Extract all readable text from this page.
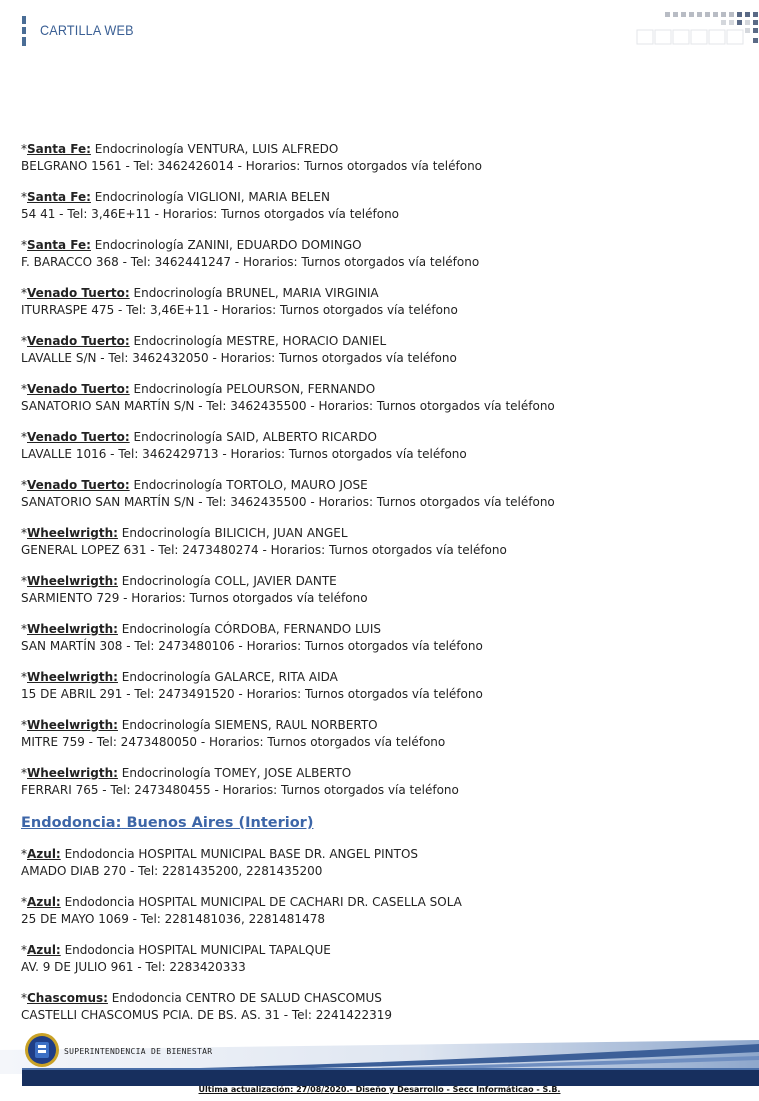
CARTILLA WEB

*Santa Fe: Endocrinología VENTURA, LUIS ALFREDO

BELGRANO 1561 - Tel: 3462426014 - Horarios: Turnos otorgados vía teléfono

*Santa Fe: Endocrinología VIGLIONI, MARIA BELEN

54 41 - Tel: 3,46E+11 - Horarios: Turnos otorgados vía teléfono

*Santa Fe: Endocrinología ZANINI, EDUARDO DOMINGO

F. BARACCO 368 - Tel: 3462441247 - Horarios: Turnos otorgados vía teléfono

*Venado Tuerto: Endocrinología BRUNEL, MARIA VIRGINIA

ITURRASPE 475 - Tel: 3,46E+11 - Horarios: Turnos otorgados vía teléfono

*Venado Tuerto: Endocrinología MESTRE, HORACIO DANIEL

LAVALLE S/N - Tel: 3462432050 - Horarios: Turnos otorgados vía teléfono

*Venado Tuerto: Endocrinología PELOURSON, FERNANDO

SANATORIO SAN MARTÍN S/N - Tel: 3462435500 - Horarios: Turnos otorgados vía teléfono

*Venado Tuerto: Endocrinología SAID, ALBERTO RICARDO

LAVALLE 1016 - Tel: 3462429713 - Horarios: Turnos otorgados vía teléfono

*Venado Tuerto: Endocrinología TORTOLO, MAURO JOSE

SANATORIO SAN MARTÍN S/N - Tel: 3462435500 - Horarios: Turnos otorgados vía teléfono

*Wheelwrigth: Endocrinología BILICICH, JUAN ANGEL

GENERAL LOPEZ 631 - Tel: 2473480274 - Horarios: Turnos otorgados vía teléfono

*Wheelwrigth: Endocrinología COLL, JAVIER DANTE

SARMIENTO 729 - Horarios: Turnos otorgados vía teléfono

*Wheelwrigth: Endocrinología CÓRDOBA, FERNANDO LUIS

SAN MARTÍN 308 - Tel: 2473480106 - Horarios: Turnos otorgados vía teléfono

*Wheelwrigth: Endocrinología GALARCE, RITA AIDA

15 DE ABRIL 291 - Tel: 2473491520 - Horarios: Turnos otorgados vía teléfono

*Wheelwrigth: Endocrinología SIEMENS, RAUL NORBERTO

MITRE 759 - Tel: 2473480050 - Horarios: Turnos otorgados vía teléfono

*Wheelwrigth: Endocrinología TOMEY, JOSE ALBERTO

FERRARI 765 - Tel: 2473480455 - Horarios: Turnos otorgados vía teléfono

Endodoncia: Buenos Aires (Interior)

*Azul: Endodoncia HOSPITAL MUNICIPAL BASE DR. ANGEL PINTOS

AMADO DIAB 270 - Tel: 2281435200, 2281435200

*Azul: Endodoncia HOSPITAL MUNICIPAL DE CACHARI DR. CASELLA SOLA

25 DE MAYO 1069 - Tel: 2281481036, 2281481478

*Azul: Endodoncia HOSPITAL MUNICIPAL TAPALQUE

AV. 9 DE JULIO 961 - Tel: 2283420333

*Chascomus: Endodoncia CENTRO DE SALUD CHASCOMUS

CASTELLI CHASCOMUS PCIA. DE BS. AS. 31 - Tel: 2241422319

SUPERINTENDENCIA DE BIENESTAR
Ultima actualización: 27/08/2020.- Diseño y Desarrollo - Secc Informáticao - S.B.
